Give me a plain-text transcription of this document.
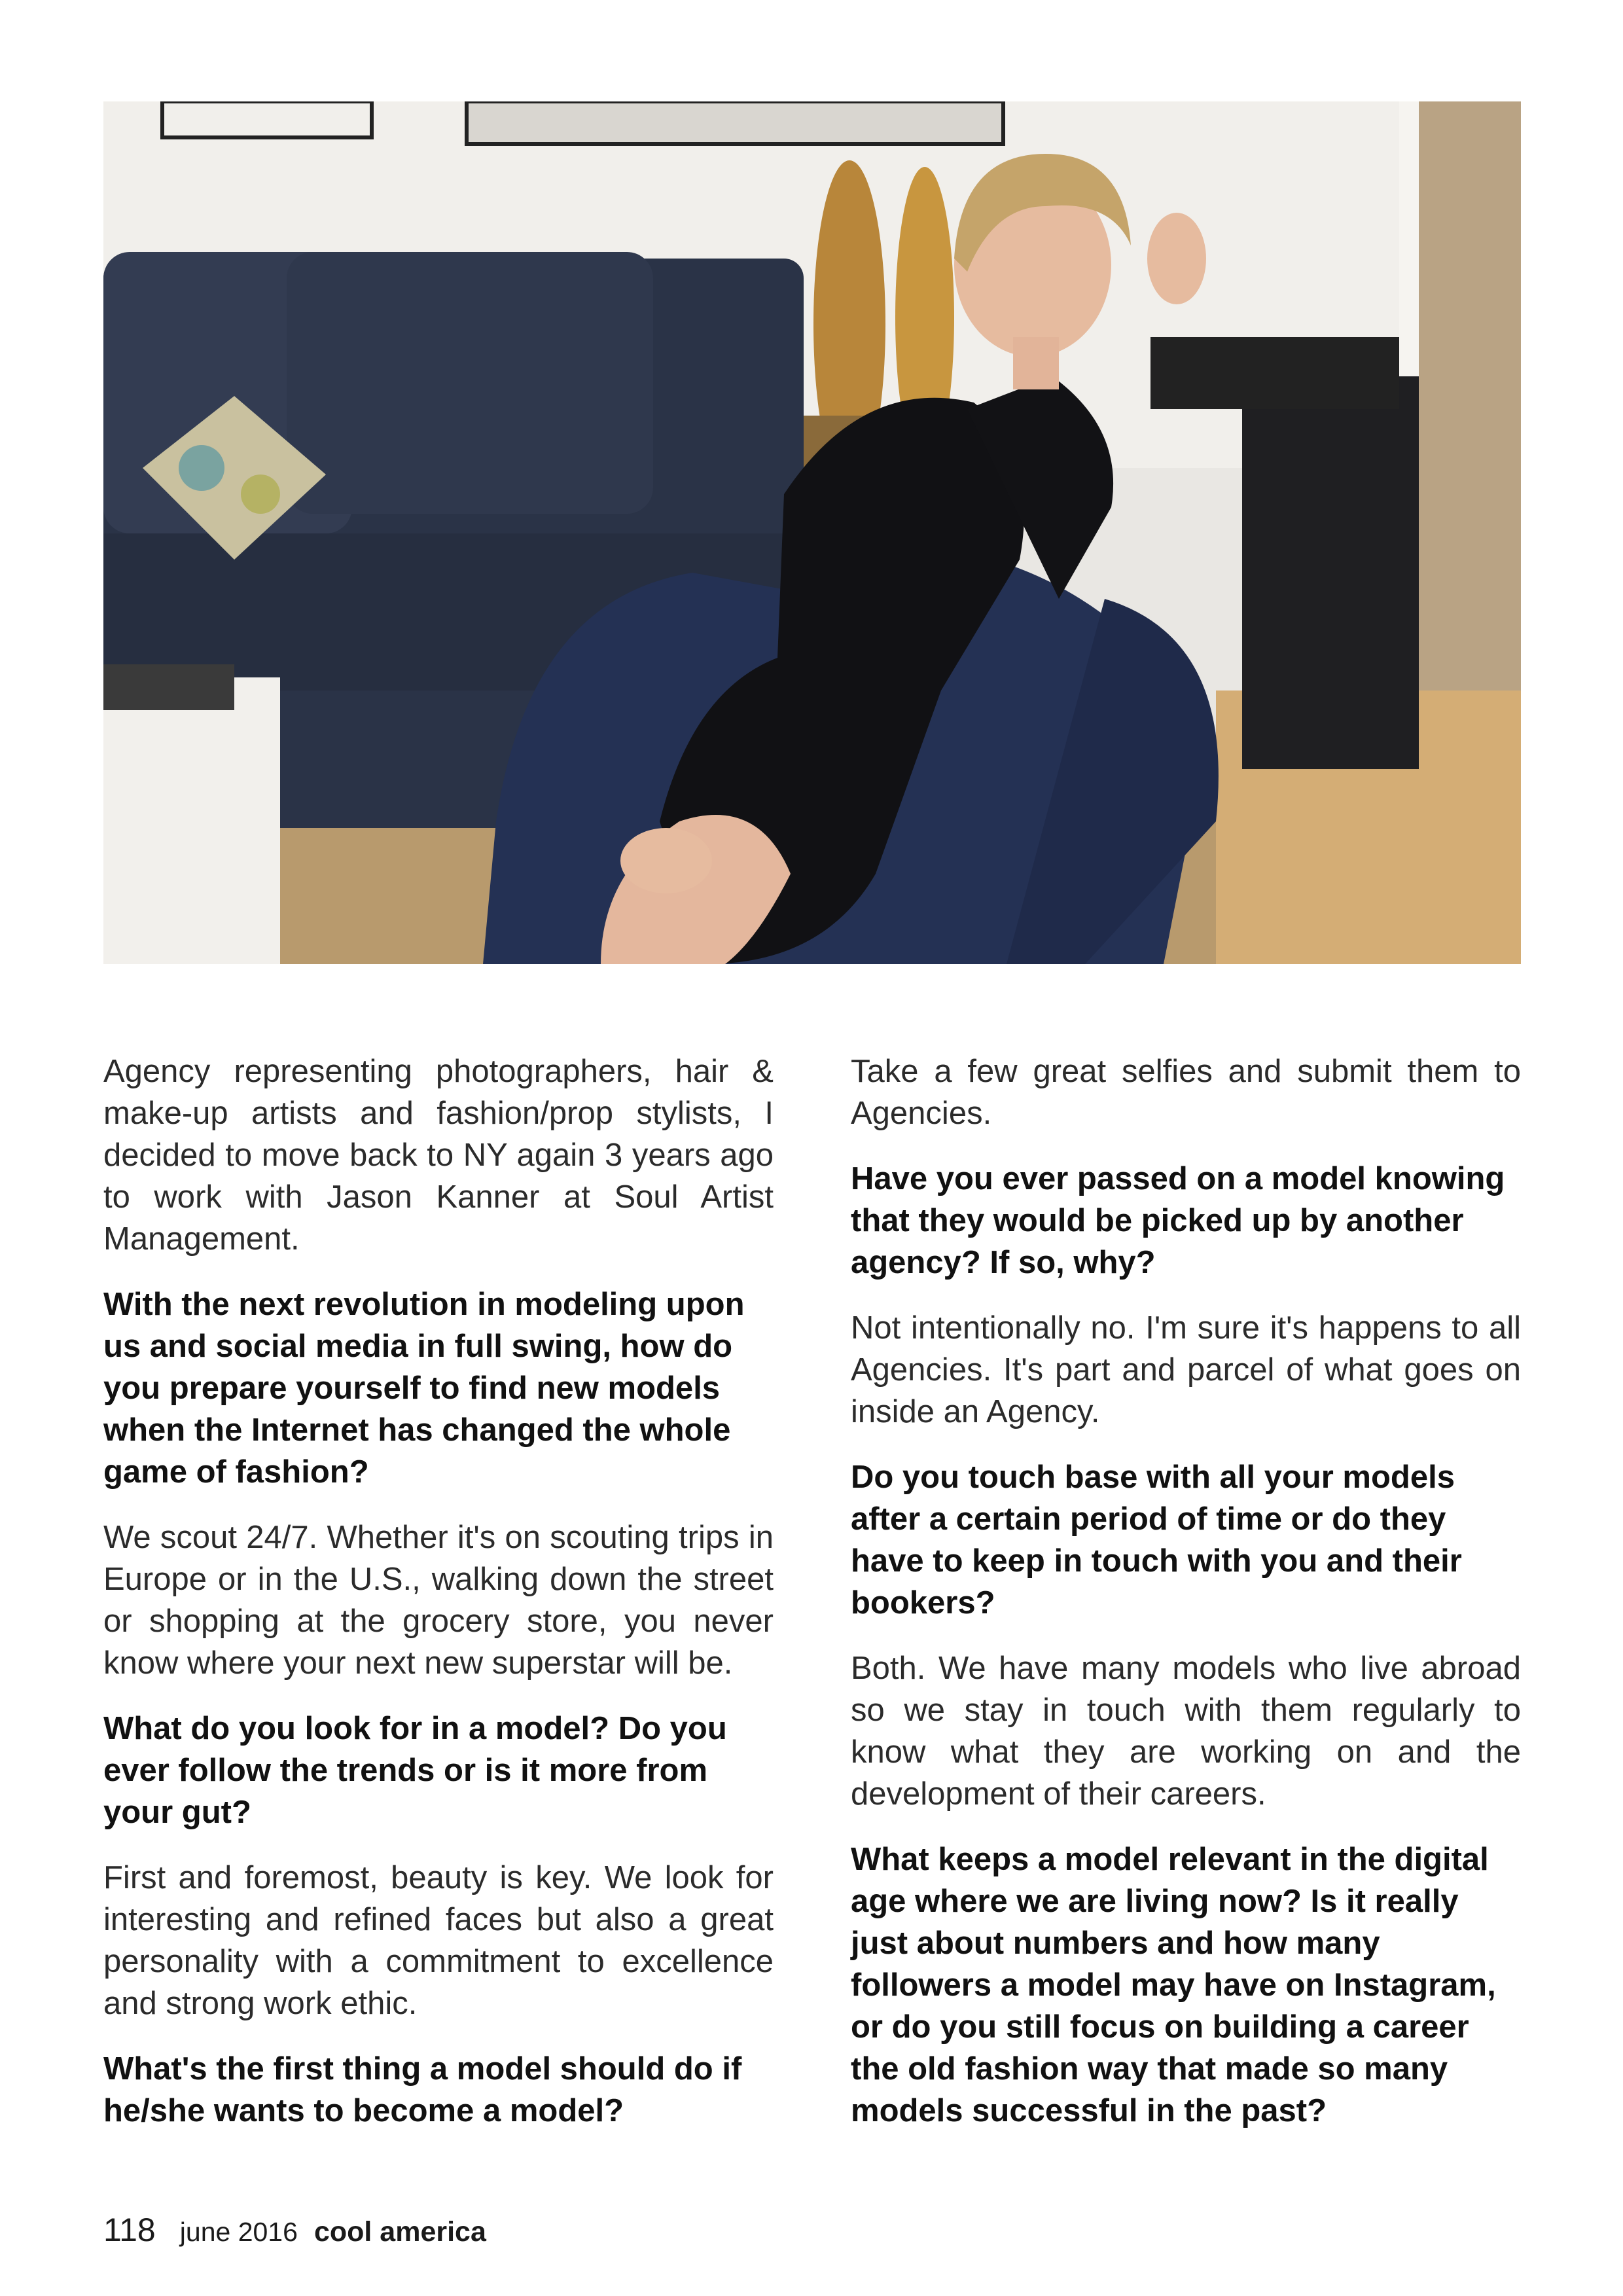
Agency representing photographers, hair & make-up artists and fashion/prop stylists, I decided to move back to NY again 3 years ago to work with Jason Kanner at Soul Artist Management.

With the next revolution in modeling upon us and social media in full swing, how do you prepare yourself to find new models when the Internet has changed the whole game of fashion?

We scout 24/7. Whether it's on scouting trips in Europe or in the U.S., walking down the street or shopping at the grocery store, you never know where your next new superstar will be.

What do you look for in a model? Do you ever follow the trends or is it more from your gut?

First and foremost, beauty is key. We look for interesting and refined faces but also a great personality with a commitment to excellence and strong work ethic.

What's the first thing a model should do if he/she wants to become a model?

Take a few great selfies and submit them to Agencies.

Have you ever passed on a model knowing that they would be picked up by another agency? If so, why?

Not intentionally no. I'm sure it's happens to all Agencies. It's part and parcel of what goes on inside an Agency.

Do you touch base with all your models after a certain period of time or do they have to keep in touch with you and their bookers?

Both. We have many models who live abroad so we stay in touch with them regularly to know what they are working on and the development of their careers.

What keeps a model relevant in the digital age where we are living now? Is it really just about numbers and how many followers a model may have on Instagram, or do you still focus on building a career the old fashion way that made so many models successful in the past?

118 june 2016 cool america
